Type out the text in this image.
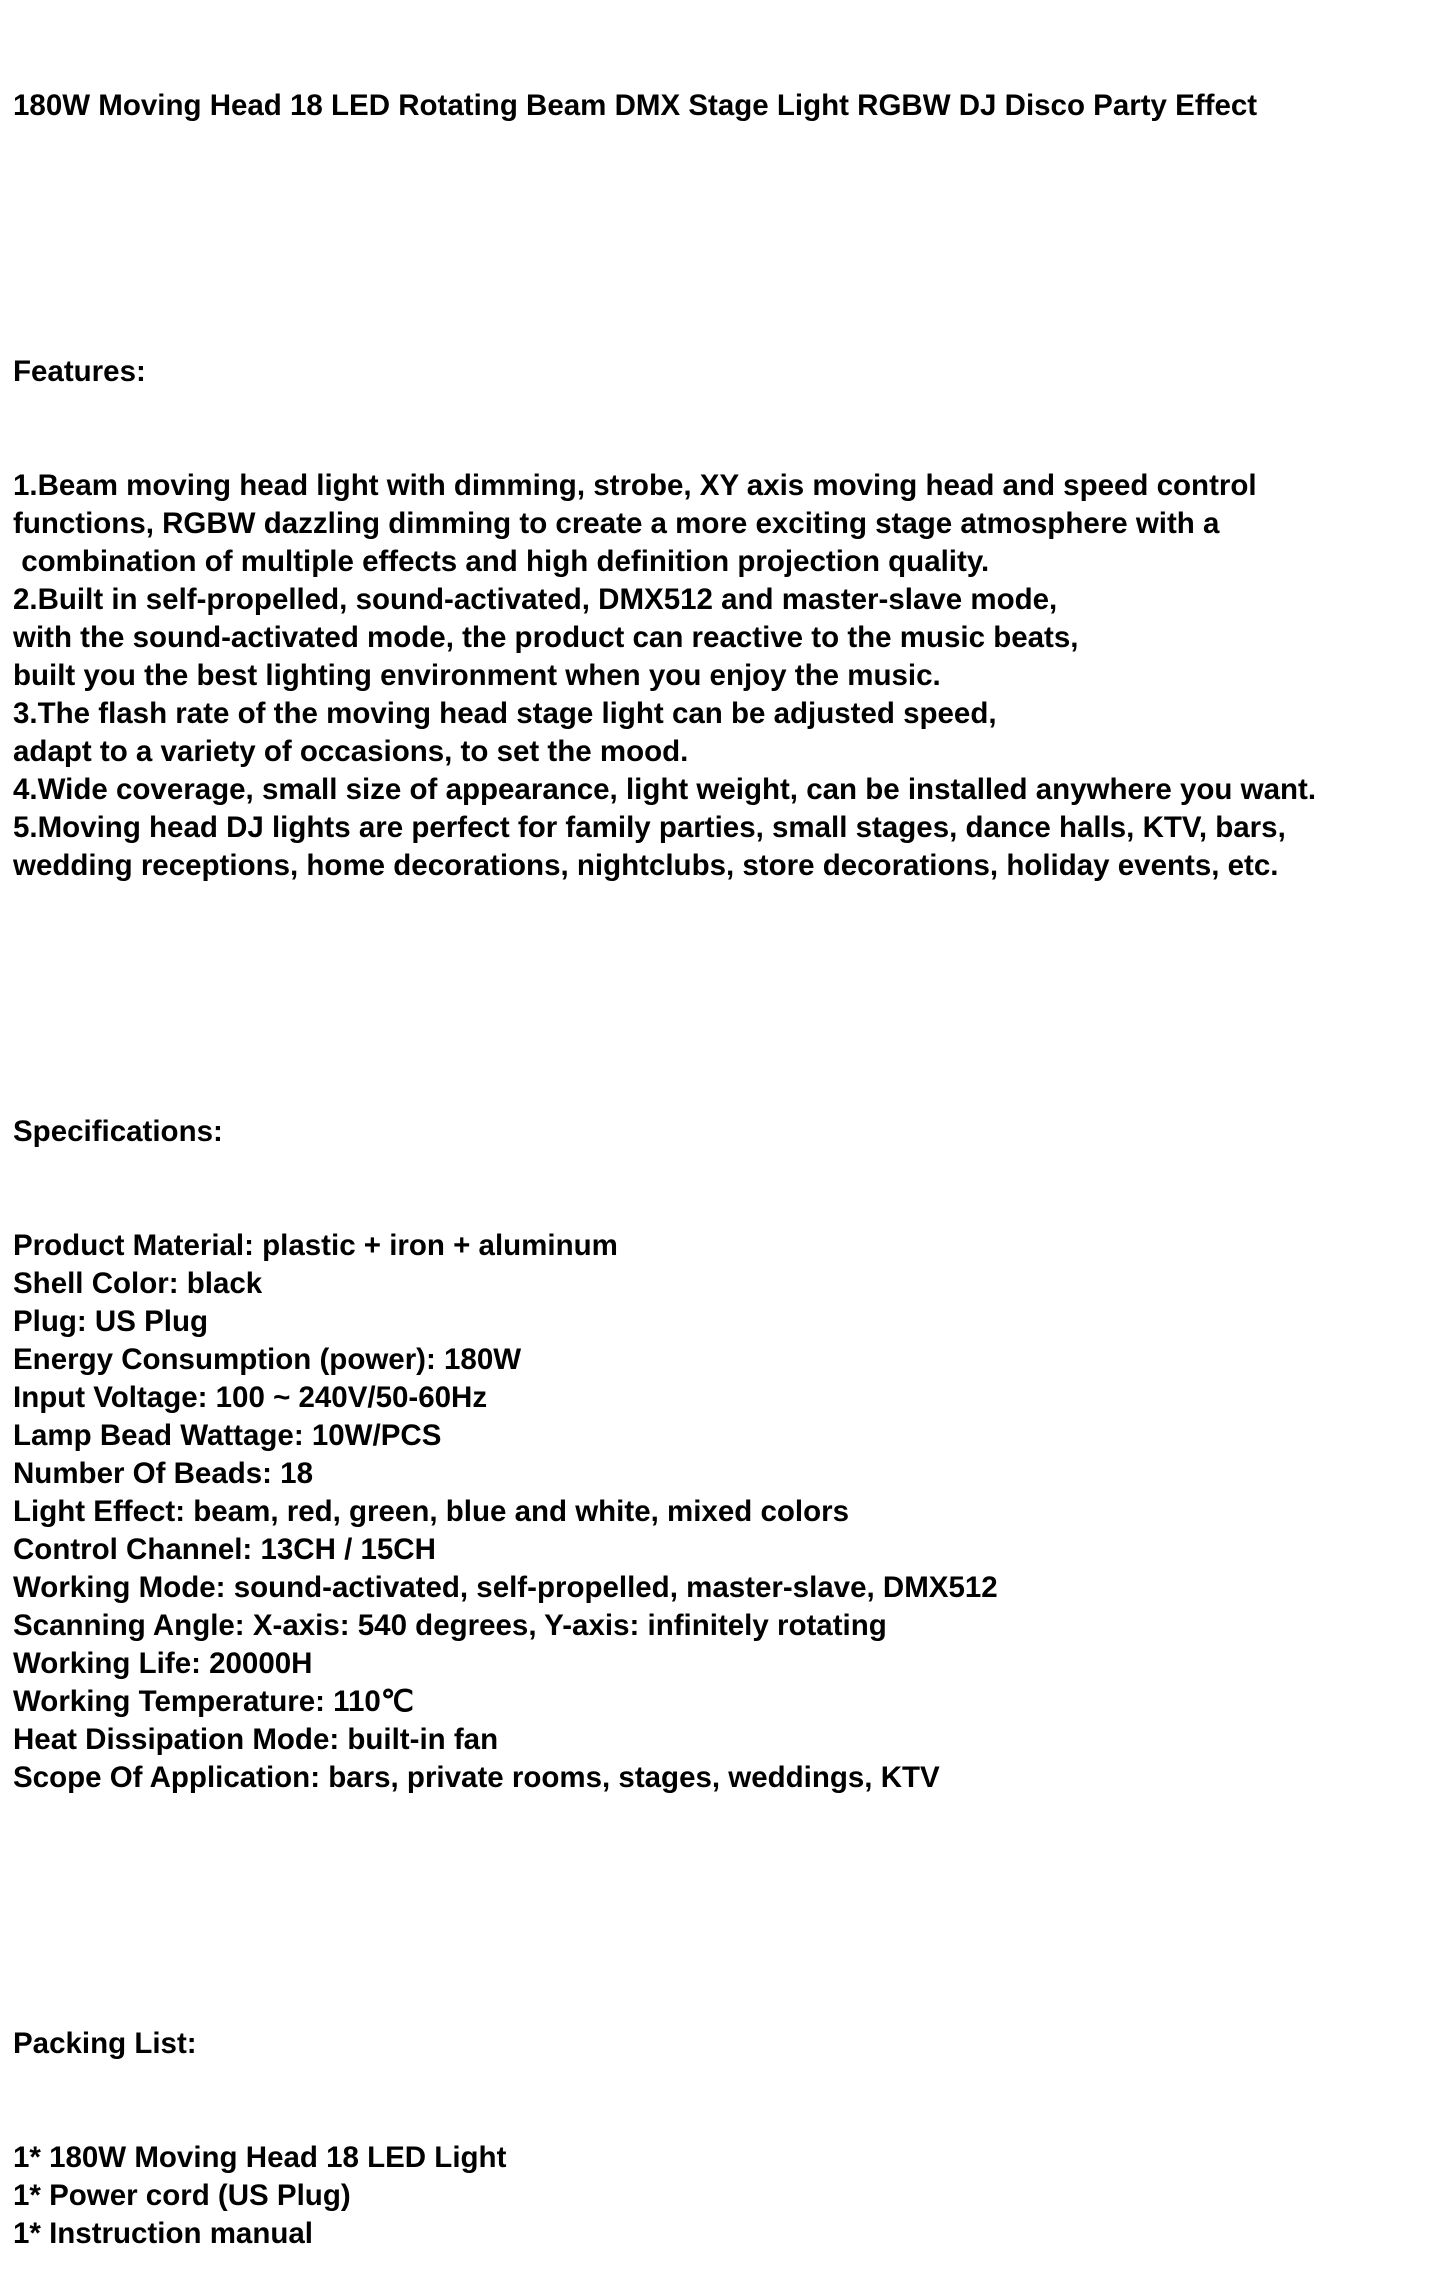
180W Moving Head 18 LED Rotating Beam DMX Stage Light RGBW DJ Disco Party Effect

Features:

1.Beam moving head light with dimming, strobe, XY axis moving head and speed control
functions, RGBW dazzling dimming to create a more exciting stage atmosphere with a
combination of multiple effects and high definition projection quality.
2.Built in self-propelled, sound-activated, DMX512 and master-slave mode,
with the sound-activated mode, the product can reactive to the music beats,
built you the best lighting environment when you enjoy the music.
3.The flash rate of the moving head stage light can be adjusted speed,
adapt to a variety of occasions, to set the mood.
4.Wide coverage, small size of appearance, light weight, can be installed anywhere you want.
5.Moving head DJ lights are perfect for family parties, small stages, dance halls, KTV, bars,
wedding receptions, home decorations, nightclubs, store decorations, holiday events, etc.

Specifications:

Product Material: plastic + iron + aluminum
Shell Color: black
Plug: US Plug
Energy Consumption (power): 180W
Input Voltage: 100 ~ 240V/50-60Hz
Lamp Bead Wattage: 10W/PCS
Number Of Beads: 18
Light Effect: beam, red, green, blue and white, mixed colors
Control Channel: 13CH / 15CH
Working Mode: sound-activated, self-propelled, master-slave, DMX512
Scanning Angle: X-axis: 540 degrees, Y-axis: infinitely rotating
Working Life: 20000H
Working Temperature: 110℃
Heat Dissipation Mode: built-in fan
Scope Of Application: bars, private rooms, stages, weddings, KTV

Packing List:

1* 180W Moving Head 18 LED Light
1* Power cord (US Plug)
1* Instruction manual
